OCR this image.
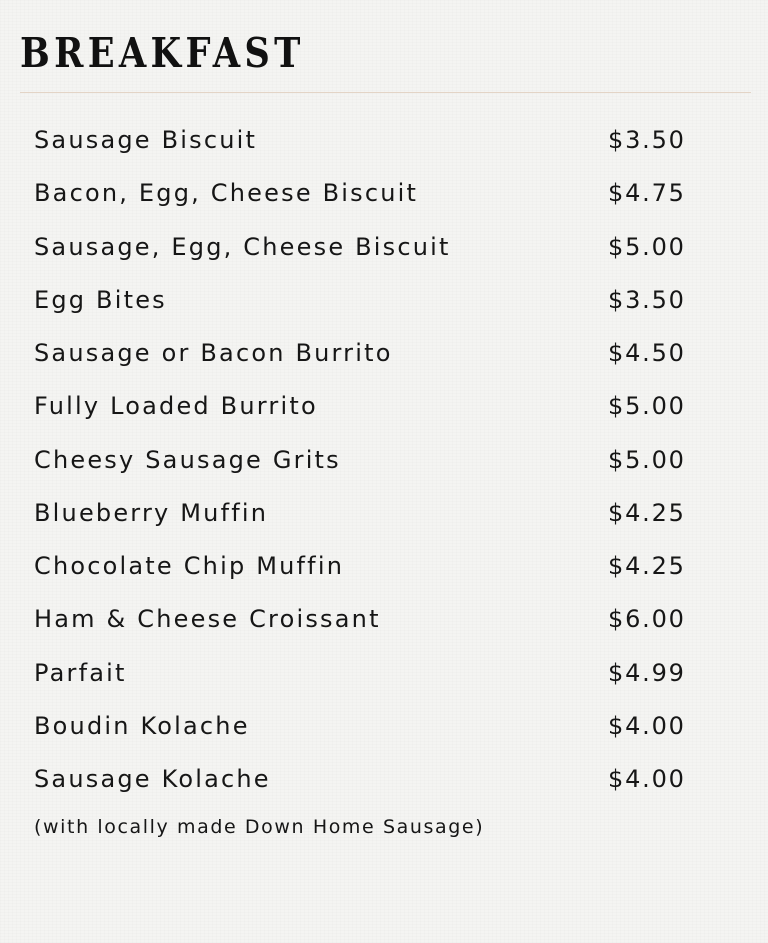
BREAKFAST
Sausage Biscuit	$3.50
Bacon, Egg, Cheese Biscuit	$4.75
Sausage, Egg, Cheese Biscuit	$5.00
Egg Bites	$3.50
Sausage or Bacon Burrito	$4.50
Fully Loaded Burrito	$5.00
Cheesy Sausage Grits	$5.00
Blueberry Muffin	$4.25
Chocolate Chip Muffin	$4.25
Ham & Cheese Croissant	$6.00
Parfait	$4.99
Boudin Kolache	$4.00
Sausage Kolache	$4.00

(with locally made Down Home Sausage)
